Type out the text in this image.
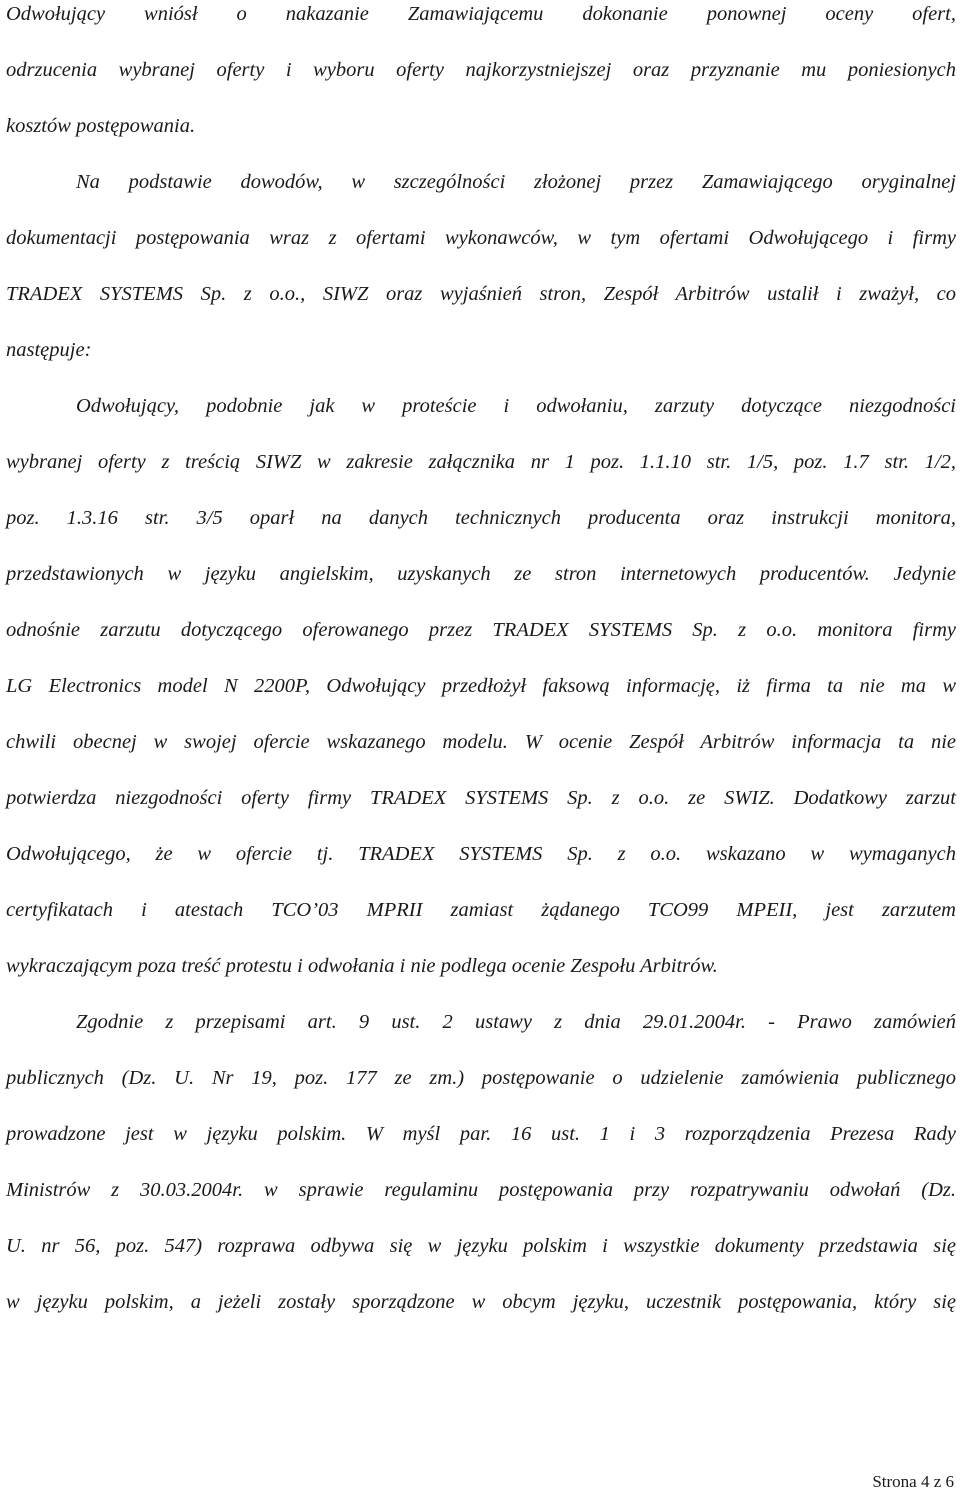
Odwołujący wniósł o nakazanie Zamawiającemu dokonanie ponownej oceny ofert,
odrzucenia wybranej oferty i wyboru oferty najkorzystniejszej oraz przyznanie mu poniesionych
kosztów postępowania.
Na podstawie dowodów, w szczególności złożonej przez Zamawiającego oryginalnej
dokumentacji postępowania wraz z ofertami wykonawców, w tym ofertami Odwołującego i firmy
TRADEX SYSTEMS Sp. z o.o., SIWZ oraz wyjaśnień stron, Zespół Arbitrów ustalił i zważył, co
następuje:
Odwołujący, podobnie jak w proteście i odwołaniu, zarzuty dotyczące niezgodności
wybranej oferty z treścią SIWZ w zakresie załącznika nr 1 poz. 1.1.10 str. 1/5, poz. 1.7 str. 1/2,
poz. 1.3.16 str. 3/5 oparł na danych technicznych producenta oraz instrukcji monitora,
przedstawionych w języku angielskim, uzyskanych ze stron internetowych producentów. Jedynie
odnośnie zarzutu dotyczącego oferowanego przez TRADEX SYSTEMS Sp. z o.o. monitora firmy
LG Electronics model N 2200P, Odwołujący przedłożył faksową informację, iż firma ta nie ma w
chwili obecnej w swojej ofercie wskazanego modelu. W ocenie Zespół Arbitrów informacja ta nie
potwierdza niezgodności oferty firmy TRADEX SYSTEMS Sp. z o.o. ze SWIZ. Dodatkowy zarzut
Odwołującego, że w ofercie tj. TRADEX SYSTEMS Sp. z o.o. wskazano w wymaganych
certyfikatach i atestach TCO’03 MPRII zamiast żądanego TCO99 MPEII, jest zarzutem
wykraczającym poza treść protestu i odwołania i nie podlega ocenie Zespołu Arbitrów.
Zgodnie z przepisami art. 9 ust. 2 ustawy z dnia 29.01.2004r. - Prawo zamówień
publicznych (Dz. U. Nr 19, poz. 177 ze zm.) postępowanie o udzielenie zamówienia publicznego
prowadzone jest w języku polskim. W myśl par. 16 ust. 1 i 3 rozporządzenia Prezesa Rady
Ministrów z 30.03.2004r. w sprawie regulaminu postępowania przy rozpatrywaniu odwołań (Dz.
U. nr 56, poz. 547) rozprawa odbywa się w języku polskim i wszystkie dokumenty przedstawia się
w języku polskim, a jeżeli zostały sporządzone w obcym języku, uczestnik postępowania, który się
Strona 4 z 6
